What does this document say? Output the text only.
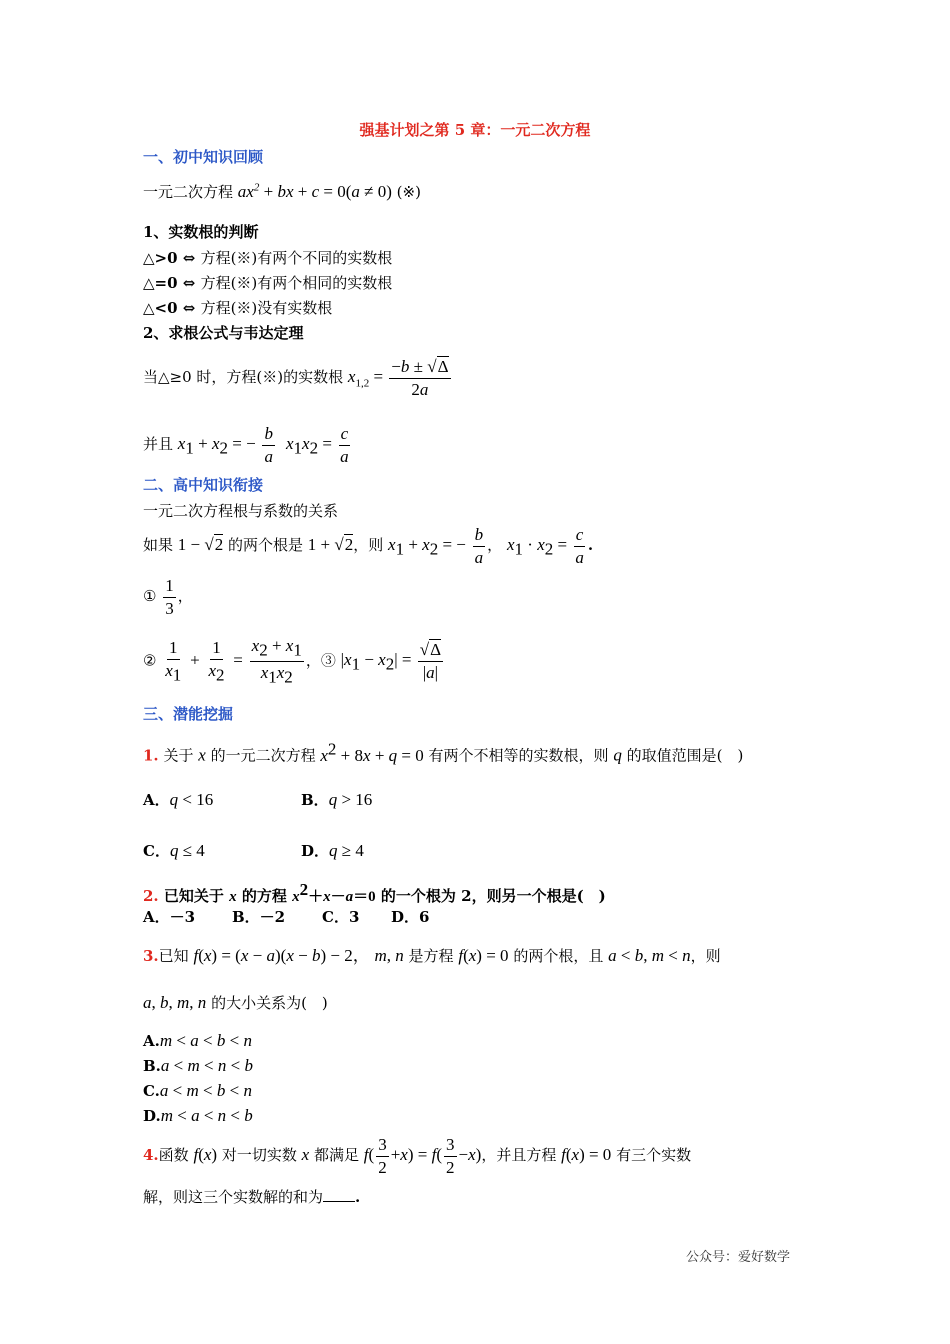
强基计划之第 5 章：一元二次方程
一、初中知识回顾
一元二次方程 $ax^2$ + bx + c = 0(a ≠ 0) (※)
1、实数根的判断
△>0 ⇔ 方程(※)有两个不同的实数根
△=0 ⇔ 方程(※)有两个相同的实数根
△<0 ⇔ 方程(※)没有实数根
2、求根公式与韦达定理
当△≥0 时，方程(※)的实数根 $x_{1,2} = \frac{-b \pm √\Delta}{2a}$
并且 $x_1 + x_2$ = − $\frac{b}{a} x_1x_2 = \frac{c}{a}$
二、高中知识衔接
一元二次方程根与系数的关系
如果 1 − √2 的两个根是 1 + √2，则 $x_1 + x_2$ = − $\frac{b}{a}$ ， $x_1 \cdot x_2 = \frac{c}{a}$ .
① $\frac{1}{3}$ ，
② $\frac{1}{x_1} + \frac{1}{x_2} = \frac{x_2 + x_1}{x_1x_2}$ ，③ $|x_1 - x_2| = \frac{√\Delta}{|a|}$
三、潜能挖掘
1. 关于 x 的一元二次方程 $x^2 + 8x + q = 0$ 有两个不相等的实数根，则 q 的取值范围是(　)
A．q < 16	B．q > 16
C．q ≤ 4	D．q ≥ 4
2. 已知关于 x 的方程 $x^2+x-a=0$ 的一个根为 2，则另一个根是(　)
A．－3 B．－2 C．3 D．6
3.已知 f(x) = (x − a)(x − b) − 2， m, n 是方程 f(x) = 0 的两个根，且 a < b, m < n，则
a, b, m, n 的大小关系为(　)
A.m < a < b < n
B.a < m < n < b
C.a < m < b < n
D.m < a < n < b
4.函数 f(x) 对一切实数 x 都满足 $f( \frac{3}{2} +x) = f( \frac{3}{2} -x)$，并且方程 f(x) = 0 有三个实数
解，则这三个实数解的和为 .
公众号：爱好数学
